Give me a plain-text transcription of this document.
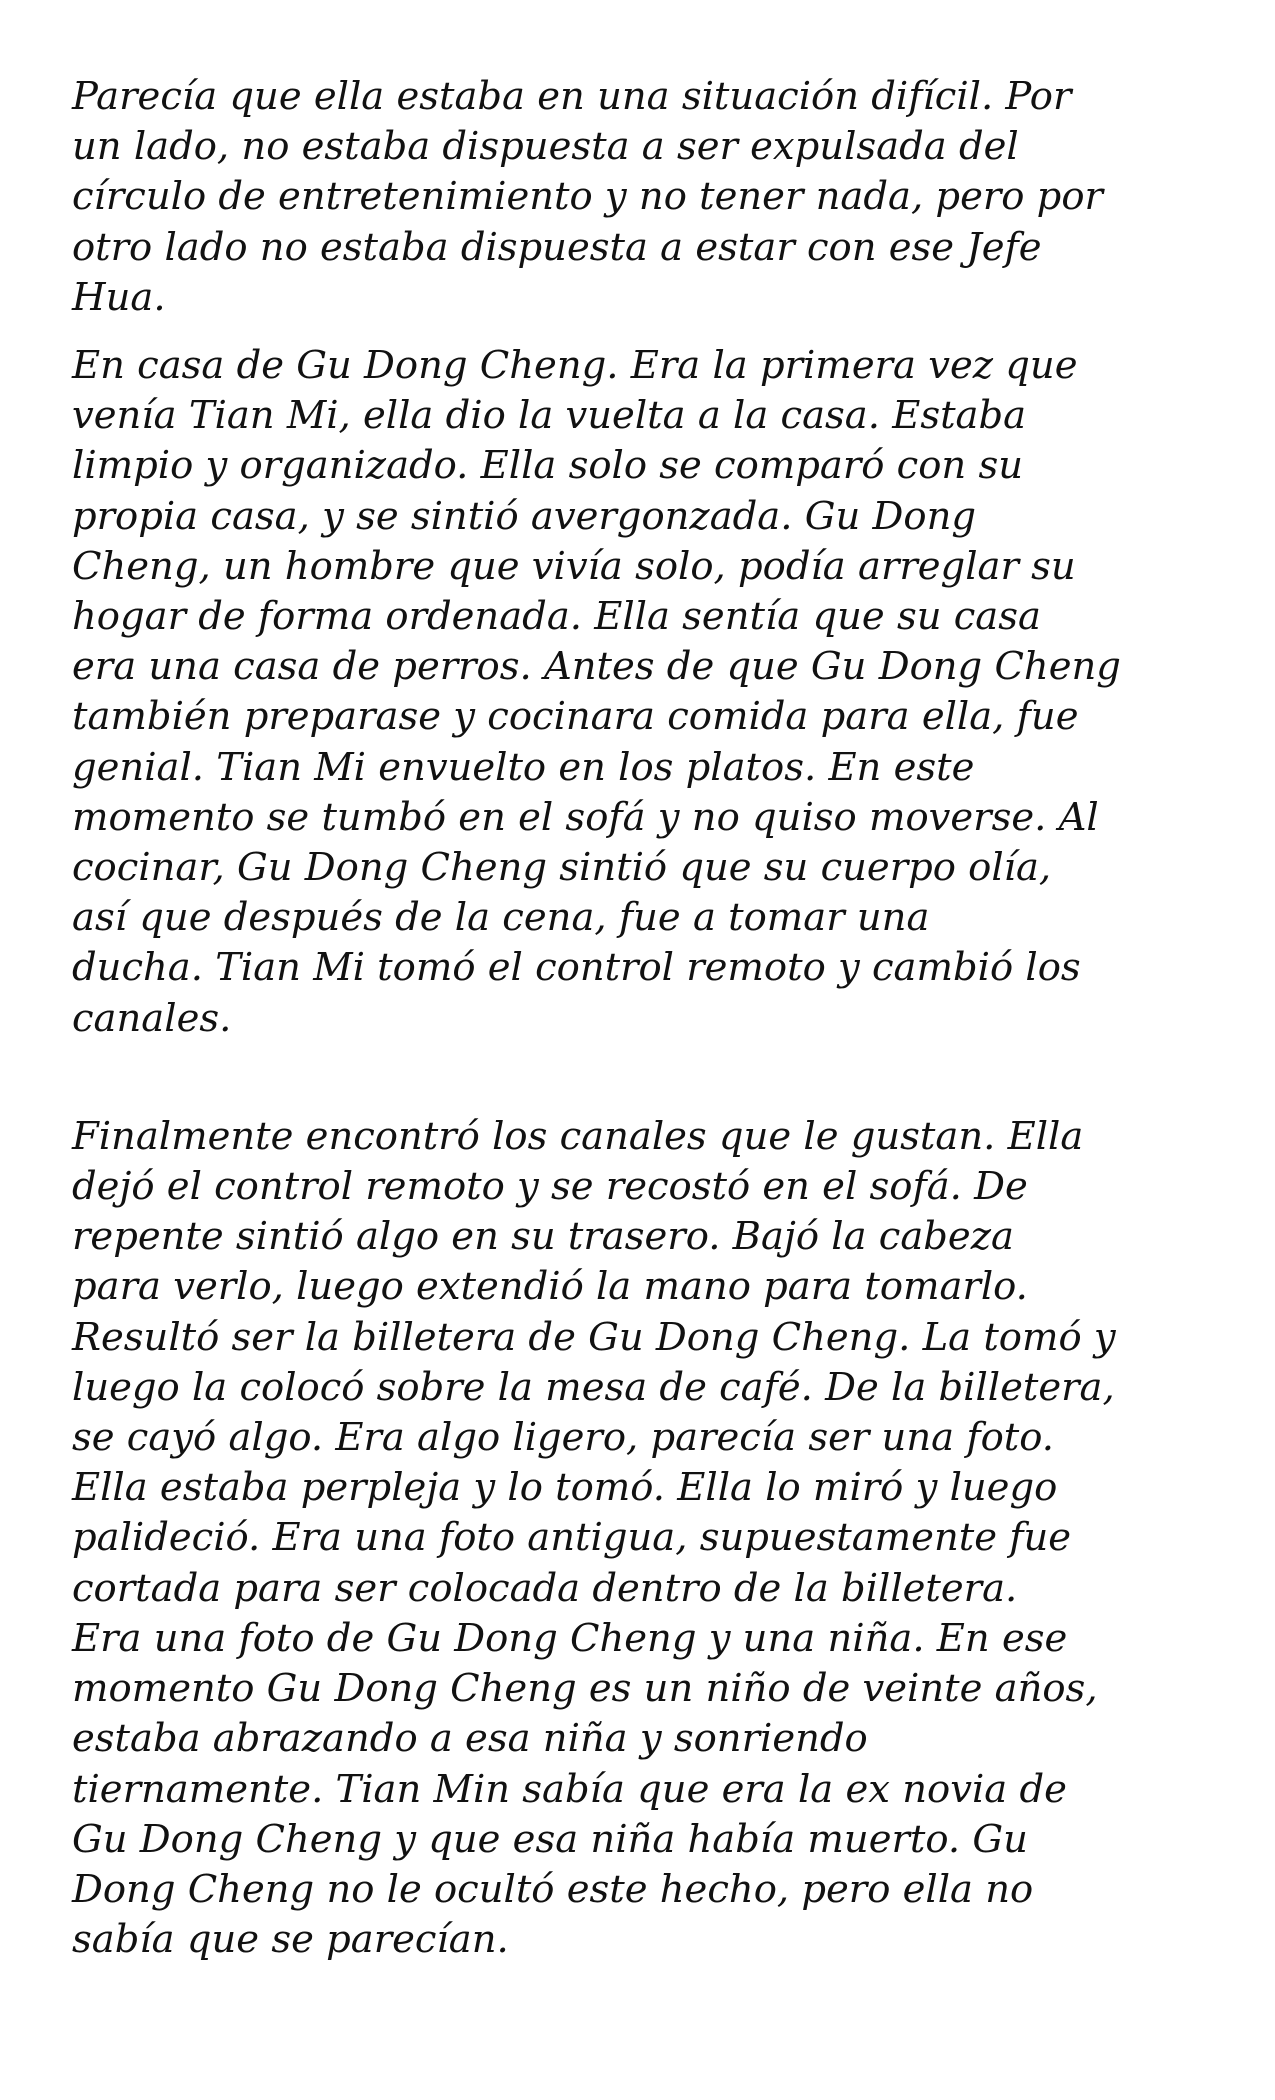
Parecía que ella estaba en una situación difícil. Por
un lado, no estaba dispuesta a ser expulsada del
círculo de entretenimiento y no tener nada, pero por
otro lado no estaba dispuesta a estar con ese Jefe
Hua.
En casa de Gu Dong Cheng. Era la primera vez que
venía Tian Mi, ella dio la vuelta a la casa. Estaba
limpio y organizado. Ella solo se comparó con su
propia casa, y se sintió avergonzada. Gu Dong
Cheng, un hombre que vivía solo, podía arreglar su
hogar de forma ordenada. Ella sentía que su casa
era una casa de perros. Antes de que Gu Dong Cheng
también preparase y cocinara comida para ella, fue
genial. Tian Mi envuelto en los platos. En este
momento se tumbó en el sofá y no quiso moverse. Al
cocinar, Gu Dong Cheng sintió que su cuerpo olía,
así que después de la cena, fue a tomar una
ducha. Tian Mi tomó el control remoto y cambió los
canales.
Finalmente encontró los canales que le gustan. Ella
dejó el control remoto y se recostó en el sofá. De
repente sintió algo en su trasero. Bajó la cabeza
para verlo, luego extendió la mano para tomarlo.
Resultó ser la billetera de Gu Dong Cheng. La tomó y
luego la colocó sobre la mesa de café. De la billetera,
se cayó algo. Era algo ligero, parecía ser una foto.
Ella estaba perpleja y lo tomó. Ella lo miró y luego
palideció. Era una foto antigua, supuestamente fue
cortada para ser colocada dentro de la billetera.
Era una foto de Gu Dong Cheng y una niña. En ese
momento Gu Dong Cheng es un niño de veinte años,
estaba abrazando a esa niña y sonriendo
tiernamente. Tian Min sabía que era la ex novia de
Gu Dong Cheng y que esa niña había muerto. Gu
Dong Cheng no le ocultó este hecho, pero ella no
sabía que se parecían.
